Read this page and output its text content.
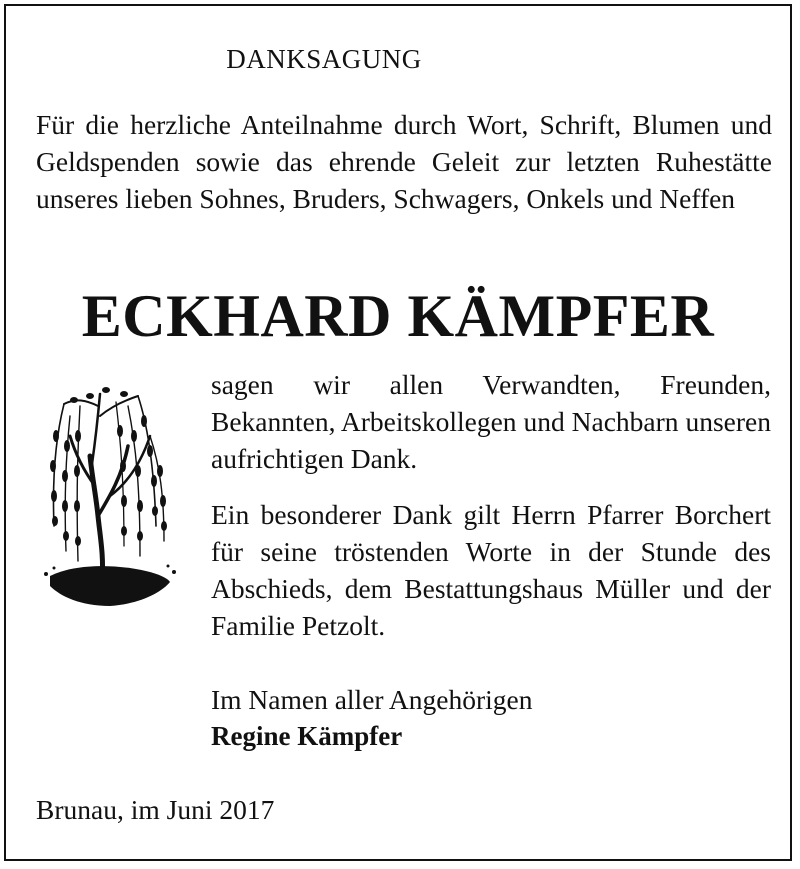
DANKSAGUNG
Für die herzliche Anteilnahme durch Wort, Schrift, Blumen und Geldspenden sowie das ehrende Geleit zur letzten Ruhestätte unseres lieben Sohnes, Bruders, Schwagers, Onkels und Neffen
ECKHARD KÄMPFER
sagen wir allen Verwandten, Freunden, Bekannten, Arbeitskollegen und Nachbarn unseren aufrichtigen Dank.
Ein besonderer Dank gilt Herrn Pfarrer Borchert für seine tröstenden Worte in der Stunde des Abschieds, dem Bestattungshaus Müller und der Familie Petzolt.
Im Namen aller Angehörigen
Regine Kämpfer
Brunau, im Juni 2017
